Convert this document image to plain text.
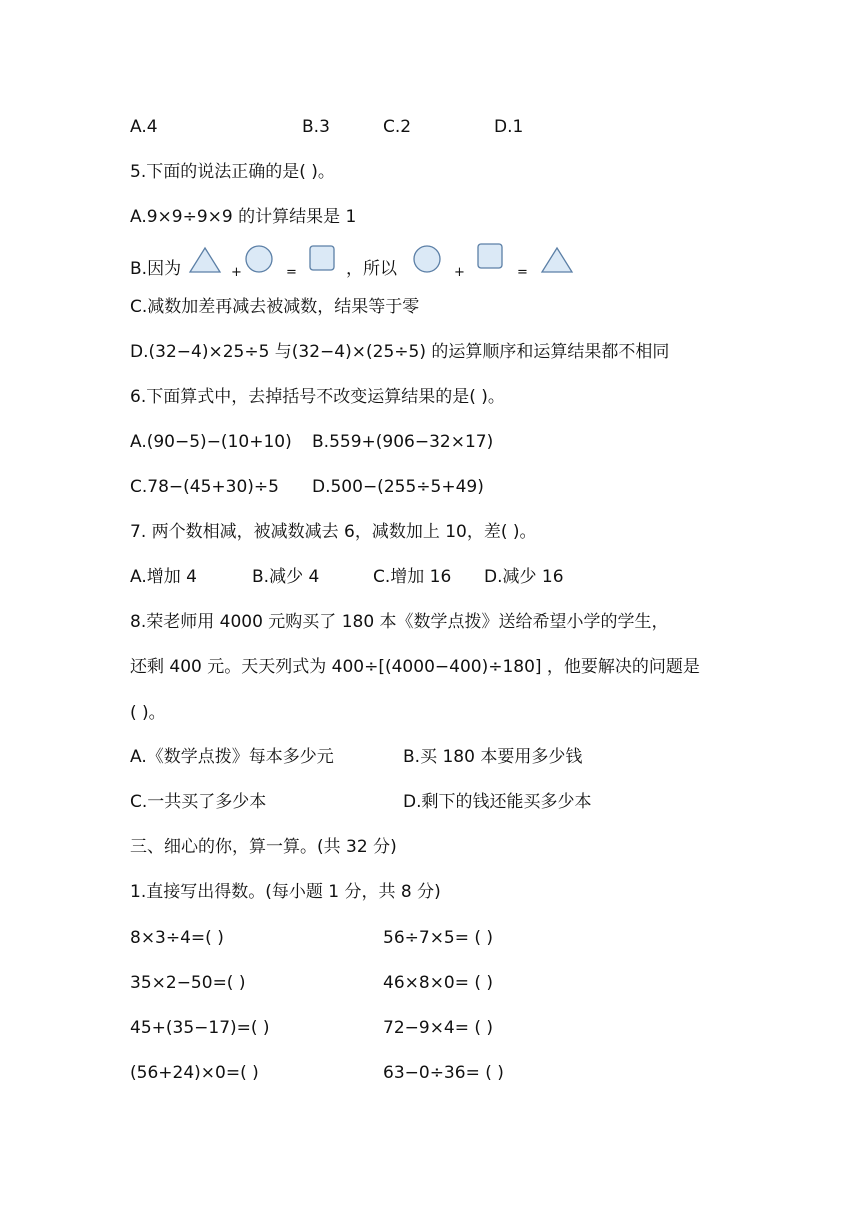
A.4	B.3	C.2	D.1
5.下面的说法正确的是( )。
A.9×9÷9×9 的计算结果是 1
B.因为	+	=	，所以	+	=
C.减数加差再减去被减数，结果等于零
D.(32−4)×25÷5 与(32−4)×(25÷5) 的运算顺序和运算结果都不相同
6.下面算式中，去掉括号不改变运算结果的是( )。
A.(90−5)−(10+10) B.559+(906−32×17)
C.78−(45+30)÷5 D.500−(255÷5+49)
7. 两个数相减，被减数减去 6，减数加上 10，差( )。
A.增加 4	B.减少 4	C.增加 16 D.减少 16
8.荣老师用 4000 元购买了 180 本《数学点拨》送给希望小学的学生，
还剩 400 元。天天列式为 400÷[(4000−400)÷180] ，他要解决的问题是
( )。
A.《数学点拨》每本多少元	B.买 180 本要用多少钱
C.一共买了多少本	D.剩下的钱还能买多少本
三、细心的你，算一算。(共 32 分)
1.直接写出得数。(每小题 1 分，共 8 分)
8×3÷4=( )	56÷7×5= ( )
35×2−50=( )	46×8×0= ( )
45+(35−17)=( )	72−9×4= ( )
(56+24)×0=( )	63−0÷36= ( )
